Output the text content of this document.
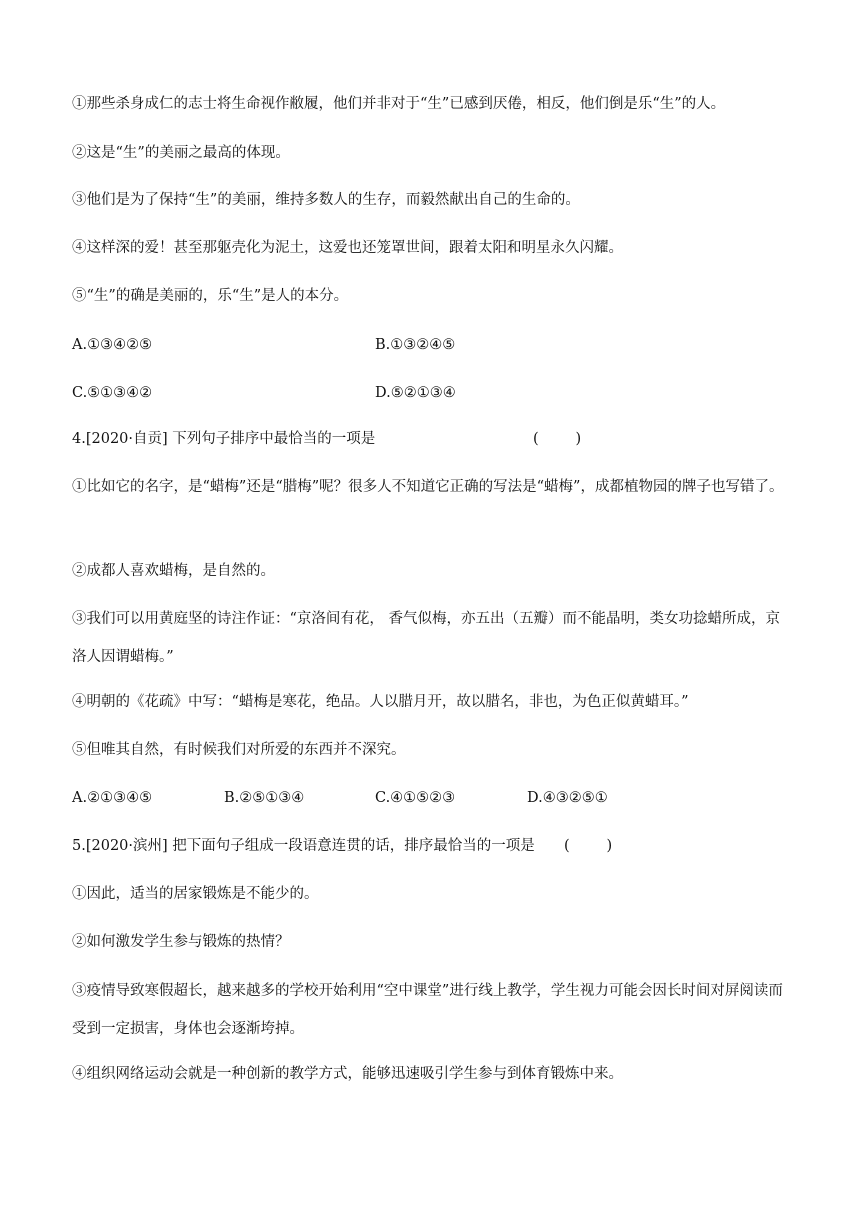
①那些杀身成仁的志士将生命视作敝履，他们并非对于“生”已感到厌倦，相反，他们倒是乐“生”的人。
②这是“生”的美丽之最高的体现。
③他们是为了保持“生”的美丽，维持多数人的生存，而毅然献出自己的生命的。
④这样深的爱！甚至那躯壳化为泥土，这爱也还笼罩世间，跟着太阳和明星永久闪耀。
⑤“生”的确是美丽的，乐“生”是人的本分。
A.①③④②⑤	B.①③②④⑤
C.⑤①③④②	D.⑤②①③④
4.[2020·自贡] 下列句子排序中最恰当的一项是	(        )
①比如它的名字，是“蜡梅”还是“腊梅”呢？很多人不知道它正确的写法是“蜡梅”，成都植物园的牌子也写错了。
②成都人喜欢蜡梅，是自然的。
③我们可以用黄庭坚的诗注作证：“京洛间有花， 香气似梅，亦五出（五瓣）而不能晶明，类女功捻蜡所成，京洛人因谓蜡梅。”
④明朝的《花疏》中写：“蜡梅是寒花，绝品。人以腊月开，故以腊名，非也，为色正似黄蜡耳。”
⑤但唯其自然，有时候我们对所爱的东西并不深究。
A.②①③④⑤	B.②⑤①③④	C.④①⑤②③	D.④③②⑤①
5.[2020·滨州] 把下面句子组成一段语意连贯的话，排序最恰当的一项是	(        )
①因此，适当的居家锻炼是不能少的。
②如何激发学生参与锻炼的热情？
③疫情导致寒假超长，越来越多的学校开始利用“空中课堂”进行线上教学，学生视力可能会因长时间对屏阅读而受到一定损害，身体也会逐渐垮掉。
④组织网络运动会就是一种创新的教学方式，能够迅速吸引学生参与到体育锻炼中来。
